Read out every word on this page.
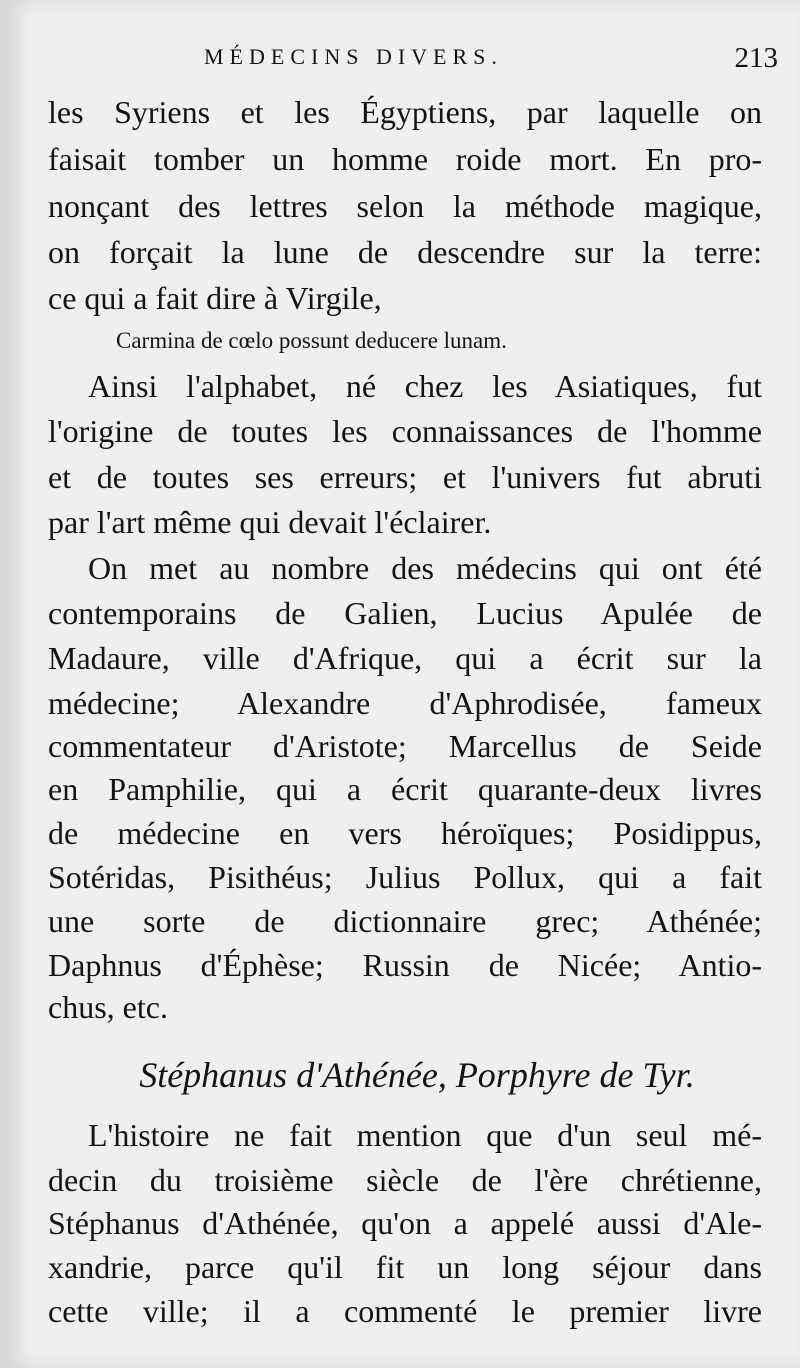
MÉDECINS DIVERS.	213
les Syriens et les Égyptiens, par laquelle on
faisait tomber un homme roide mort. En pro-
nonçant des lettres selon la méthode magique,
on forçait la lune de descendre sur la terre:
ce qui a fait dire à Virgile,
Carmina de cœlo possunt deducere lunam.
Ainsi l'alphabet, né chez les Asiatiques, fut
l'origine de toutes les connaissances de l'homme
et de toutes ses erreurs; et l'univers fut abruti
par l'art même qui devait l'éclairer.
On met au nombre des médecins qui ont été
contemporains de Galien, Lucius Apulée de
Madaure, ville d'Afrique, qui a écrit sur la
médecine; Alexandre d'Aphrodisée, fameux
commentateur d'Aristote; Marcellus de Seide
en Pamphilie, qui a écrit quarante-deux livres
de médecine en vers héroïques; Posidippus,
Sotéridas, Pisithéus; Julius Pollux, qui a fait
une sorte de dictionnaire grec; Athénée;
Daphnus d'Éphèse; Russin de Nicée; Antio-
chus, etc.
Stéphanus d'Athénée, Porphyre de Tyr.
L'histoire ne fait mention que d'un seul mé-
decin du troisième siècle de l'ère chrétienne,
Stéphanus d'Athénée, qu'on a appelé aussi d'Ale-
xandrie, parce qu'il fit un long séjour dans
cette ville; il a commenté le premier livre
